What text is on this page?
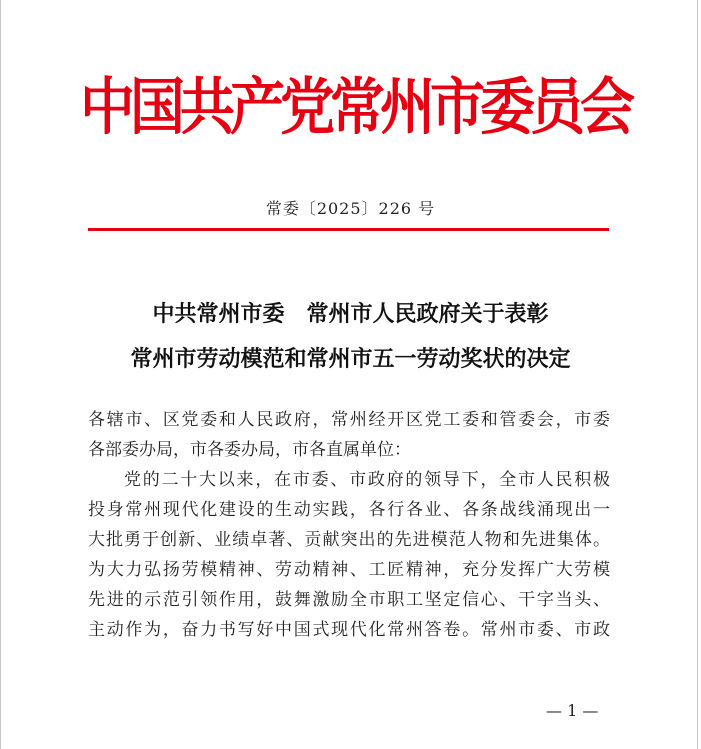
中国共产党常州市委员会
常委〔2025〕226 号
中共常州市委　常州市人民政府关于表彰
常州市劳动模范和常州市五一劳动奖状的决定
各辖市、区党委和人民政府，常州经开区党工委和管委会，市委
各部委办局，市各委办局，市各直属单位：
党的二十大以来，在市委、市政府的领导下，全市人民积极
投身常州现代化建设的生动实践，各行各业、各条战线涌现出一
大批勇于创新、业绩卓著、贡献突出的先进模范人物和先进集体。
为大力弘扬劳模精神、劳动精神、工匠精神，充分发挥广大劳模
先进的示范引领作用，鼓舞激励全市职工坚定信心、干字当头、
主动作为，奋力书写好中国式现代化常州答卷。常州市委、市政
— 1 —
